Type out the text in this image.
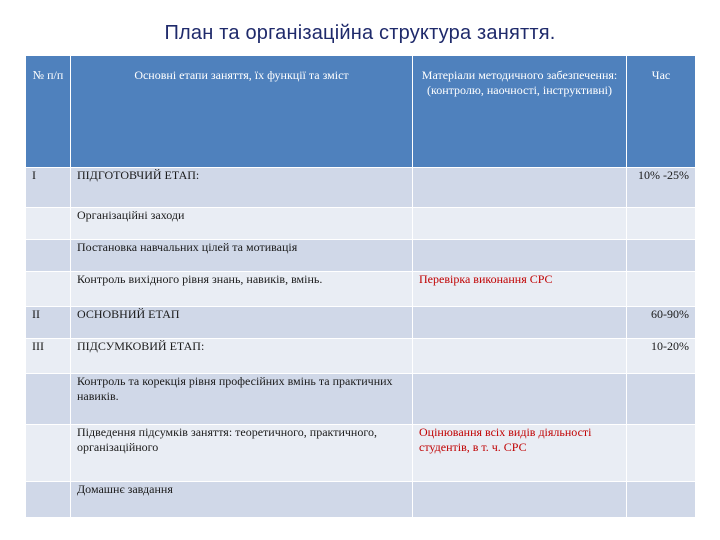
План та організаційна структура заняття.
№ п/п	Основні етапи заняття, їх функції та зміст	Матеріали методичного забезпечення: (контролю, наочності, інструктивні)	Час
І	ПІДГОТОВЧИЙ ЕТАП:		10% -25%
	Організаційні заходи		
	Постановка навчальних цілей та мотивація		
	Контроль вихідного рівня знань, навиків, вмінь.	Перевірка виконання СРС	
ІІ	ОСНОВНИЙ ЕТАП		60-90%
ІІІ	ПІДСУМКОВИЙ ЕТАП:		10-20%
	Контроль та корекція рівня професійних вмінь та практичних навиків.		
	Підведення підсумків заняття: теоретичного, практичного, організаційного	Оцінювання всіх видів діяльності студентів, в т. ч. СРС	
	Домашнє завдання		
